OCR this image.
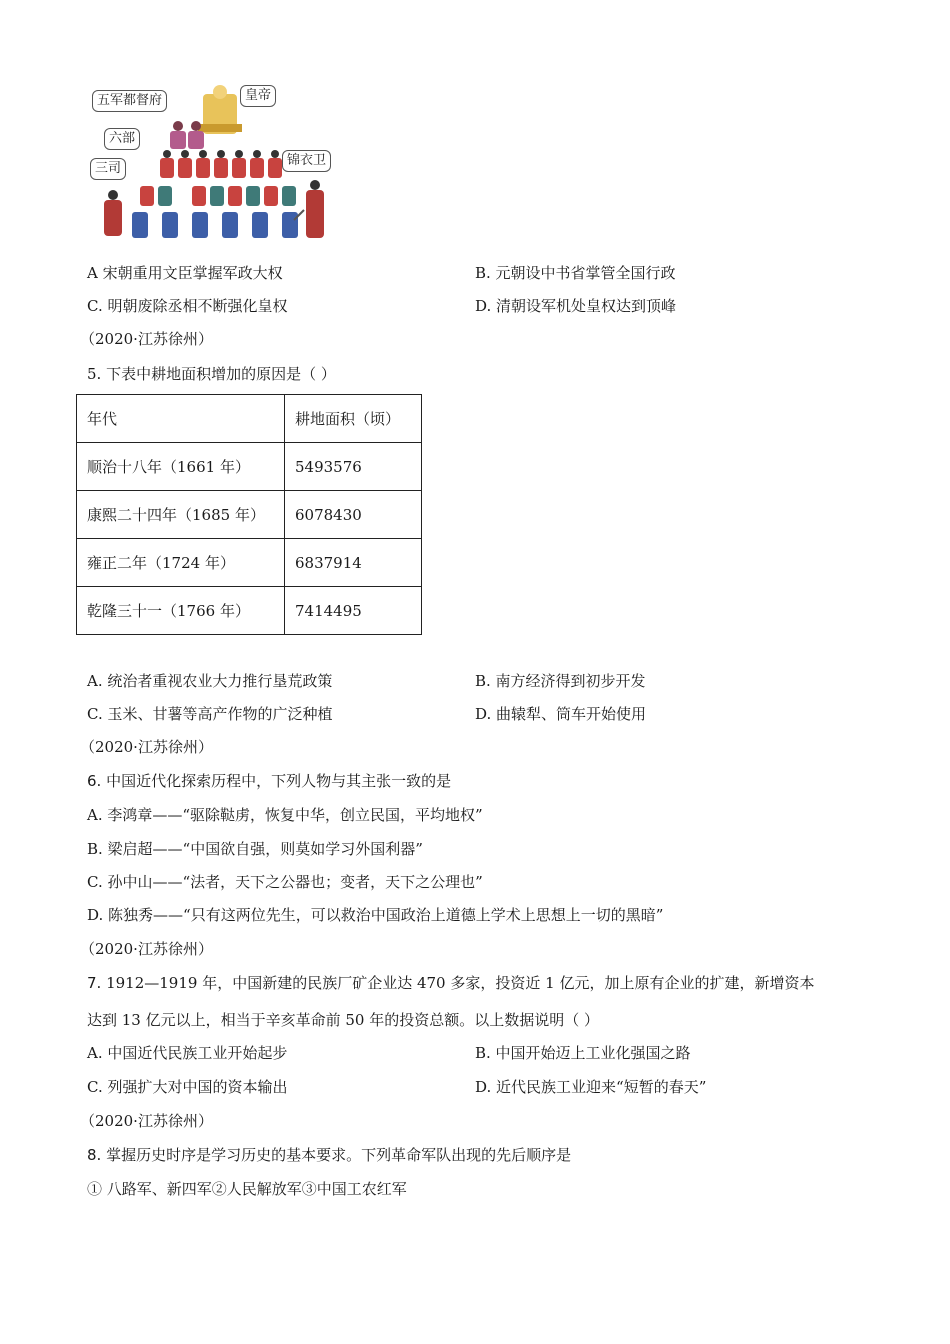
五军都督府	皇帝
六部
三司
锦衣卫
A 宋朝重用文臣掌握军政大权	B. 元朝设中书省掌管全国行政
C. 明朝废除丞相不断强化皇权	D. 清朝设军机处皇权达到顶峰
（2020·江苏徐州）
5. 下表中耕地面积增加的原因是（ ）
年代	耕地面积（顷）
顺治十八年（1661 年）	5493576
康熙二十四年（1685 年）	6078430
雍正二年（1724 年）	6837914
乾隆三十一（1766 年）	7414495
A. 统治者重视农业大力推行垦荒政策	B. 南方经济得到初步开发
C. 玉米、甘薯等高产作物的广泛种植	D. 曲辕犁、筒车开始使用
（2020·江苏徐州）
6. 中国近代化探索历程中，下列人物与其主张一致的是
A. 李鸿章——“驱除鞑虏，恢复中华，创立民国，平均地权”
B. 梁启超——“中国欲自强，则莫如学习外国利器”
C. 孙中山——“法者，天下之公器也；变者，天下之公理也”
D. 陈独秀——“只有这两位先生，可以救治中国政治上道德上学术上思想上一切的黑暗”
（2020·江苏徐州）
7. 1912—1919 年，中国新建的民族厂矿企业达 470 多家，投资近 1 亿元，加上原有企业的扩建，新增资本
达到 13 亿元以上，相当于辛亥革命前 50 年的投资总额。以上数据说明（ ）
A. 中国近代民族工业开始起步	B. 中国开始迈上工业化强国之路
C. 列强扩大对中国的资本输出	D. 近代民族工业迎来“短暂的春天”
（2020·江苏徐州）
8. 掌握历史时序是学习历史的基本要求。下列革命军队出现的先后顺序是
① 八路军、新四军②人民解放军③中国工农红军
